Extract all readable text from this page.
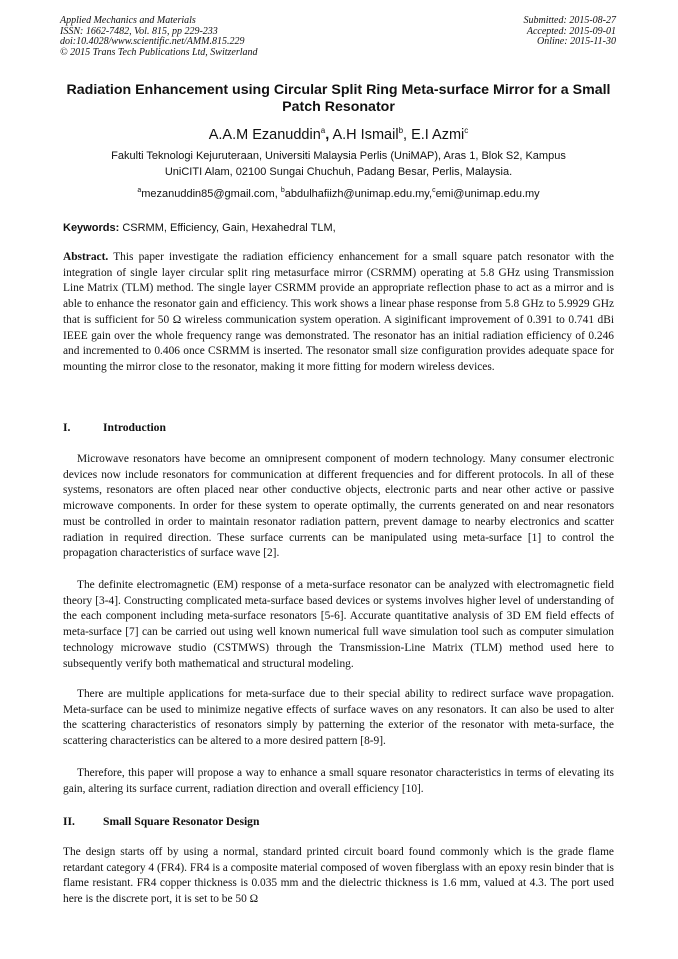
Applied Mechanics and Materials
ISSN: 1662-7482, Vol. 815, pp 229-233
doi:10.4028/www.scientific.net/AMM.815.229
© 2015 Trans Tech Publications Ltd, Switzerland
Submitted: 2015-08-27
Accepted: 2015-09-01
Online: 2015-11-30
Radiation Enhancement using Circular Split Ring Meta-surface Mirror for a Small Patch Resonator
A.A.M Ezanuddin$^a$, A.H Ismail$^b$, E.I Azmi$^c$
Fakulti Teknologi Kejuruteraan, Universiti Malaysia Perlis (UniMAP), Aras 1, Blok S2, Kampus
UniCITI Alam, 02100 Sungai Chuchuh, Padang Besar, Perlis, Malaysia.
$^a$mezanuddin85@gmail.com, $^b$abdulhafiizh@unimap.edu.my,$^c$emi@unimap.edu.my
Keywords: CSRMM, Efficiency, Gain, Hexahedral TLM,

Abstract. This paper investigate the radiation efficiency enhancement for a small square patch resonator with the integration of single layer circular split ring metasurface mirror (CSRMM) operating at 5.8 GHz using Transmission Line Matrix (TLM) method. The single layer CSRMM provide an appropriate reflection phase to act as a mirror and is able to enhance the resonator gain and efficiency. This work shows a linear phase response from 5.8 GHz to 5.9929 GHz that is sufficient for 50 Ω wireless communication system operation. A siginificant improvement of 0.391 to 0.741 dBi IEEE gain over the whole frequency range was demonstrated. The resonator has an initial radiation efficiency of 0.246 and incremented to 0.406 once CSRMM is inserted. The resonator small size configuration provides adequate space for mounting the mirror close to the resonator, making it more fitting for modern wireless devices.

I.	Introduction

Microwave resonators have become an omnipresent component of modern technology. Many consumer electronic devices now include resonators for communication at different frequencies and for different protocols. In all of these systems, resonators are often placed near other conductive objects, electronic parts and near other active or passive microwave components. In order for these system to operate optimally, the currents generated on and near resonators must be controlled in order to maintain resonator radiation pattern, prevent damage to nearby electronics and scatter radiation in required direction. These surface currents can be manipulated using meta-surface [1] to control the propagation characteristics of surface wave [2].

The definite electromagnetic (EM) response of a meta-surface resonator can be analyzed with electromagnetic field theory [3-4]. Constructing complicated meta-surface based devices or systems involves higher level of understanding of the each component including meta-surface resonators [5-6]. Accurate quantitative analysis of 3D EM field effects of meta-surface [7] can be carried out using well known numerical full wave simulation tool such as computer simulation technology microwave studio (CSTMWS) through the Transmission-Line Matrix (TLM) method used here to subsequently verify both mathematical and structural modeling.

There are multiple applications for meta-surface due to their special ability to redirect surface wave propagation. Meta-surface can be used to minimize negative effects of surface waves on any resonators. It can also be used to alter the scattering characteristics of resonators simply by patterning the exterior of the resonator with meta-surface, the scattering characteristics can be altered to a more desired pattern [8-9].

Therefore, this paper will propose a way to enhance a small square resonator characteristics in terms of elevating its gain, altering its surface current, radiation direction and overall efficiency [10].

II. Small Square Resonator Design

The design starts off by using a normal, standard printed circuit board found commonly which is the grade flame retardant category 4 (FR4). FR4 is a composite material composed of woven fiberglass with an epoxy resin binder that is flame resistant. FR4 copper thickness is 0.035 mm and the dielectric thickness is 1.6 mm, valued at 4.3. The port used here is the discrete port, it is set to be 50 Ω
